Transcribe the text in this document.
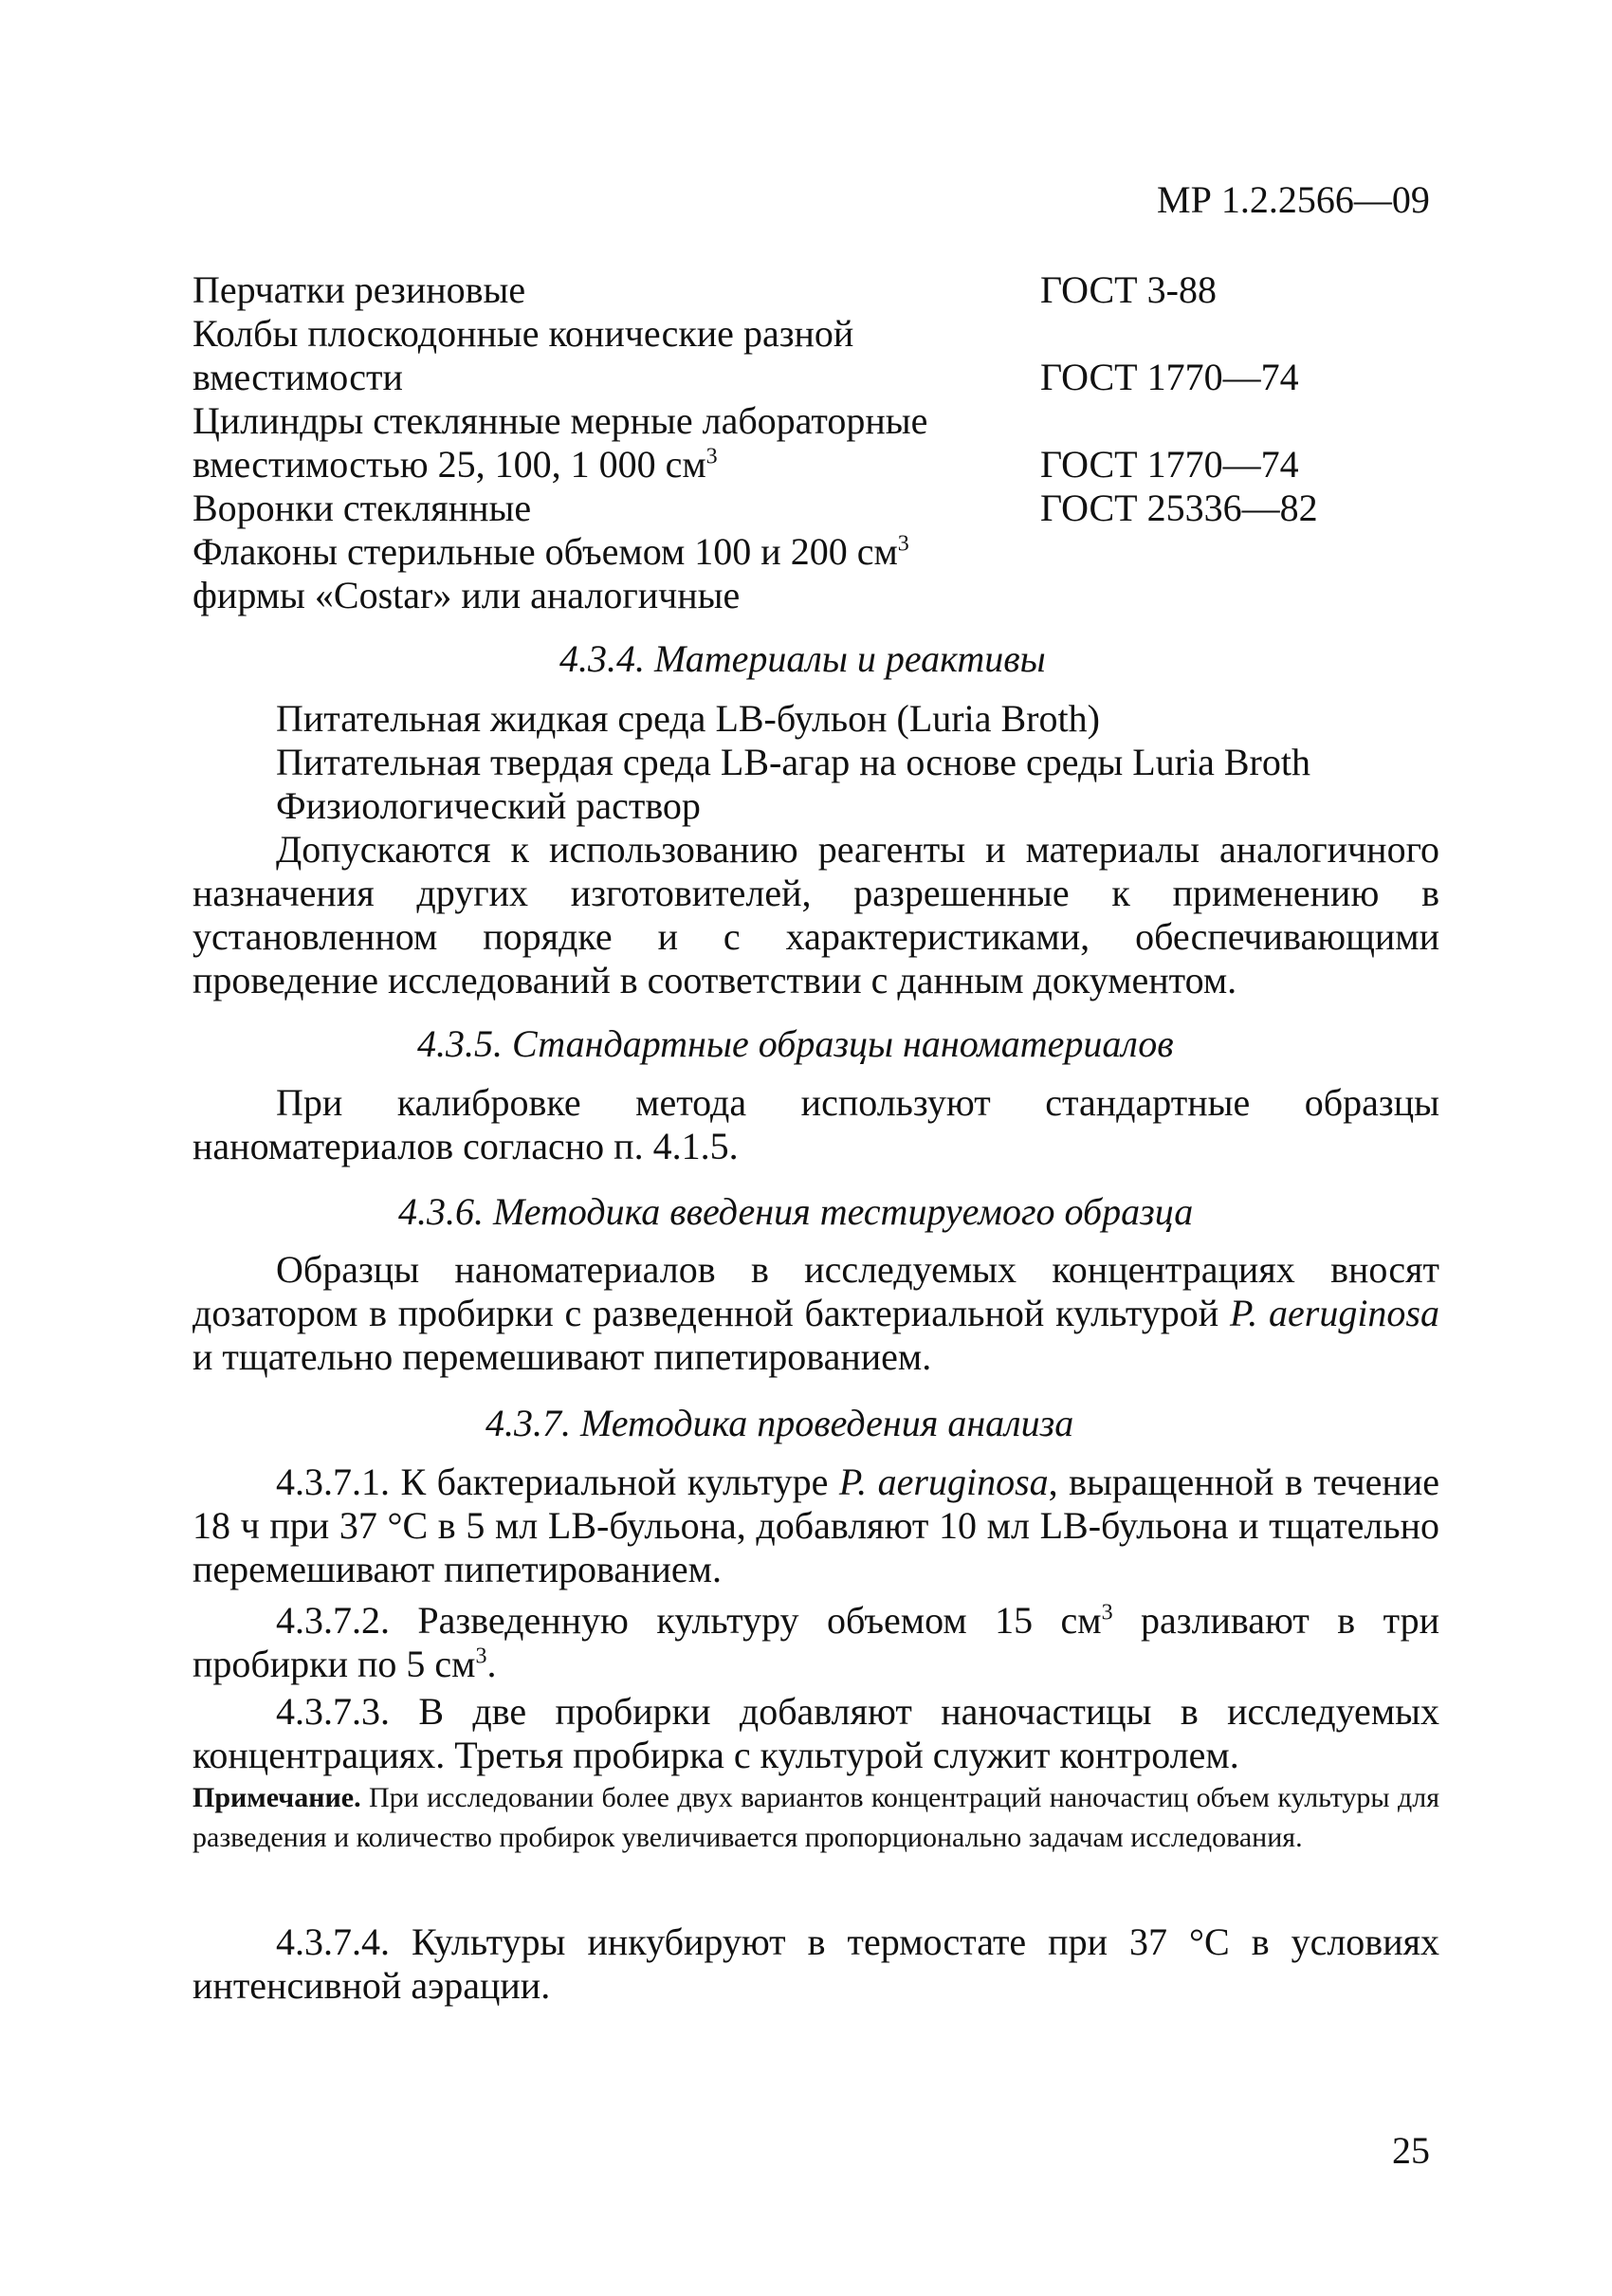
МР 1.2.2566—09
Перчатки резиновые	ГОСТ 3-88
Колбы плоскодонные конические разной
вместимости	ГОСТ 1770—74
Цилиндры стеклянные мерные лабораторные
вместимостью 25, 100, 1 000 $см^3$	ГОСТ 1770—74
Воронки стеклянные	ГОСТ 25336—82
Флаконы стерильные объемом 100 и 200 $см^3$
фирмы «Costar» или аналогичные
4.3.4. Материалы и реактивы
Питательная жидкая среда LB-бульон (Luria Broth)
Питательная твердая среда LB-агар на основе среды Luria Broth
Физиологический раствор
Допускаются к использованию реагенты и материалы аналогичного назначения других изготовителей, разрешенные к применению в установленном порядке и с характеристиками, обеспечивающими проведение исследований в соответствии с данным документом.
4.3.5. Стандартные образцы наноматериалов
При калибровке метода используют стандартные образцы наноматериалов согласно п. 4.1.5.
4.3.6. Методика введения тестируемого образца
Образцы наноматериалов в исследуемых концентрациях вносят дозатором в пробирки с разведенной бактериальной культурой P. aeruginosa и тщательно перемешивают пипетированием.
4.3.7. Методика проведения анализа
4.3.7.1. К бактериальной культуре P. aeruginosa, выращенной в течение 18 ч при 37 °С в 5 мл LB-бульона, добавляют 10 мл LB-бульона и тщательно перемешивают пипетированием.
4.3.7.2. Разведенную культуру объемом 15 $см^3$ разливают в три пробирки по 5 $см^3$.
4.3.7.3. В две пробирки добавляют наночастицы в исследуемых концентрациях. Третья пробирка с культурой служит контролем.
Примечание. При исследовании более двух вариантов концентраций наночастиц объем культуры для разведения и количество пробирок увеличивается пропорционально задачам исследования.
4.3.7.4. Культуры инкубируют в термостате при 37 °С в условиях интенсивной аэрации.
25
